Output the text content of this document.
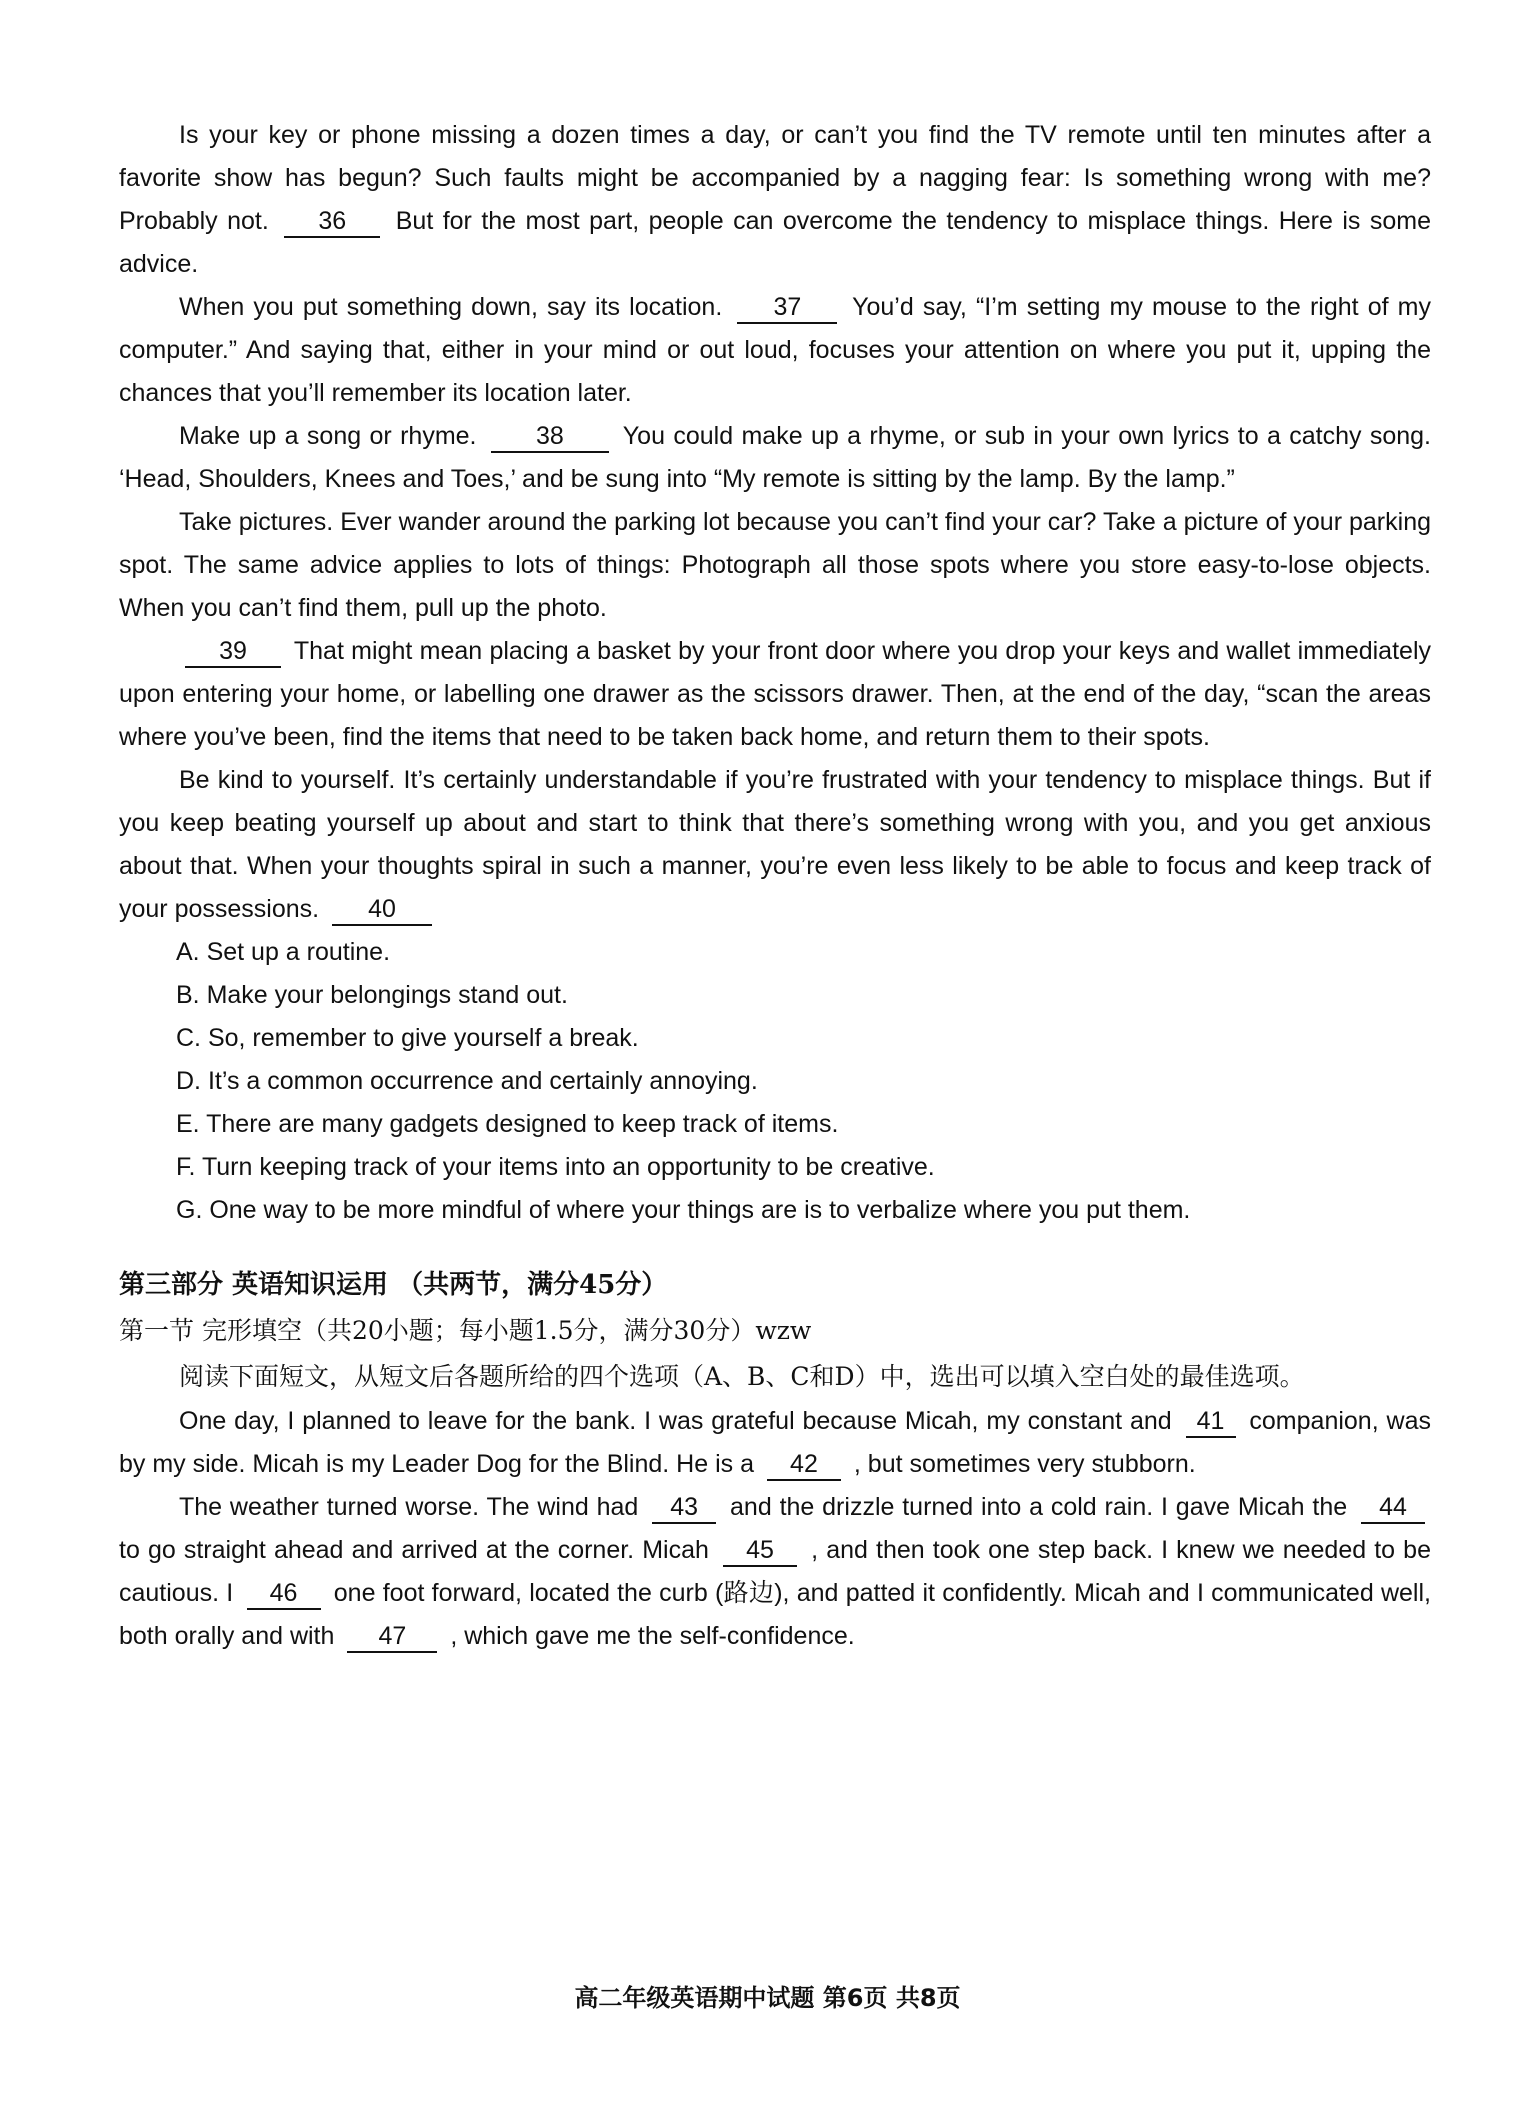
Is your key or phone missing a dozen times a day, or can’t you find the TV remote until ten minutes after a favorite show has begun? Such faults might be accompanied by a nagging fear: Is something wrong with me? Probably not. 36 But for the most part, people can overcome the tendency to misplace things. Here is some advice.

When you put something down, say its location. 37 You’d say, “I’m setting my mouse to the right of my computer.” And saying that, either in your mind or out loud, focuses your attention on where you put it, upping the chances that you’ll remember its location later.

Make up a song or rhyme. 38 You could make up a rhyme, or sub in your own lyrics to a catchy song. ‘Head, Shoulders, Knees and Toes,’ and be sung into “My remote is sitting by the lamp. By the lamp.”

Take pictures. Ever wander around the parking lot because you can’t find your car? Take a picture of your parking spot. The same advice applies to lots of things: Photograph all those spots where you store easy-to-lose objects. When you can’t find them, pull up the photo.

39 That might mean placing a basket by your front door where you drop your keys and wallet immediately upon entering your home, or labelling one drawer as the scissors drawer. Then, at the end of the day, “scan the areas where you’ve been, find the items that need to be taken back home, and return them to their spots.

Be kind to yourself. It’s certainly understandable if you’re frustrated with your tendency to misplace things. But if you keep beating yourself up about and start to think that there’s something wrong with you, and you get anxious about that. When your thoughts spiral in such a manner, you’re even less likely to be able to focus and keep track of your possessions. 40

A. Set up a routine.

B. Make your belongings stand out.

C. So, remember to give yourself a break.

D. It’s a common occurrence and certainly annoying.

E. There are many gadgets designed to keep track of items.

F. Turn keeping track of your items into an opportunity to be creative.

G. One way to be more mindful of where your things are is to verbalize where you put them.

第三部分 英语知识运用 （共两节，满分45分）

第一节 完形填空（共20小题；每小题1.5分，满分30分）wzw

阅读下面短文，从短文后各题所给的四个选项（A、B、C和D）中，选出可以填入空白处的最佳选项。

One day, I planned to leave for the bank. I was grateful because Micah, my constant and 41 companion, was by my side. Micah is my Leader Dog for the Blind. He is a 42 , but sometimes very stubborn.

The weather turned worse. The wind had 43 and the drizzle turned into a cold rain. I gave Micah the 44 to go straight ahead and arrived at the corner. Micah 45 , and then took one step back. I knew we needed to be cautious. I 46 one foot forward, located the curb (路边), and patted it confidently. Micah and I communicated well, both orally and with 47 , which gave me the self-confidence.

高二年级英语期中试题 第6页 共8页
